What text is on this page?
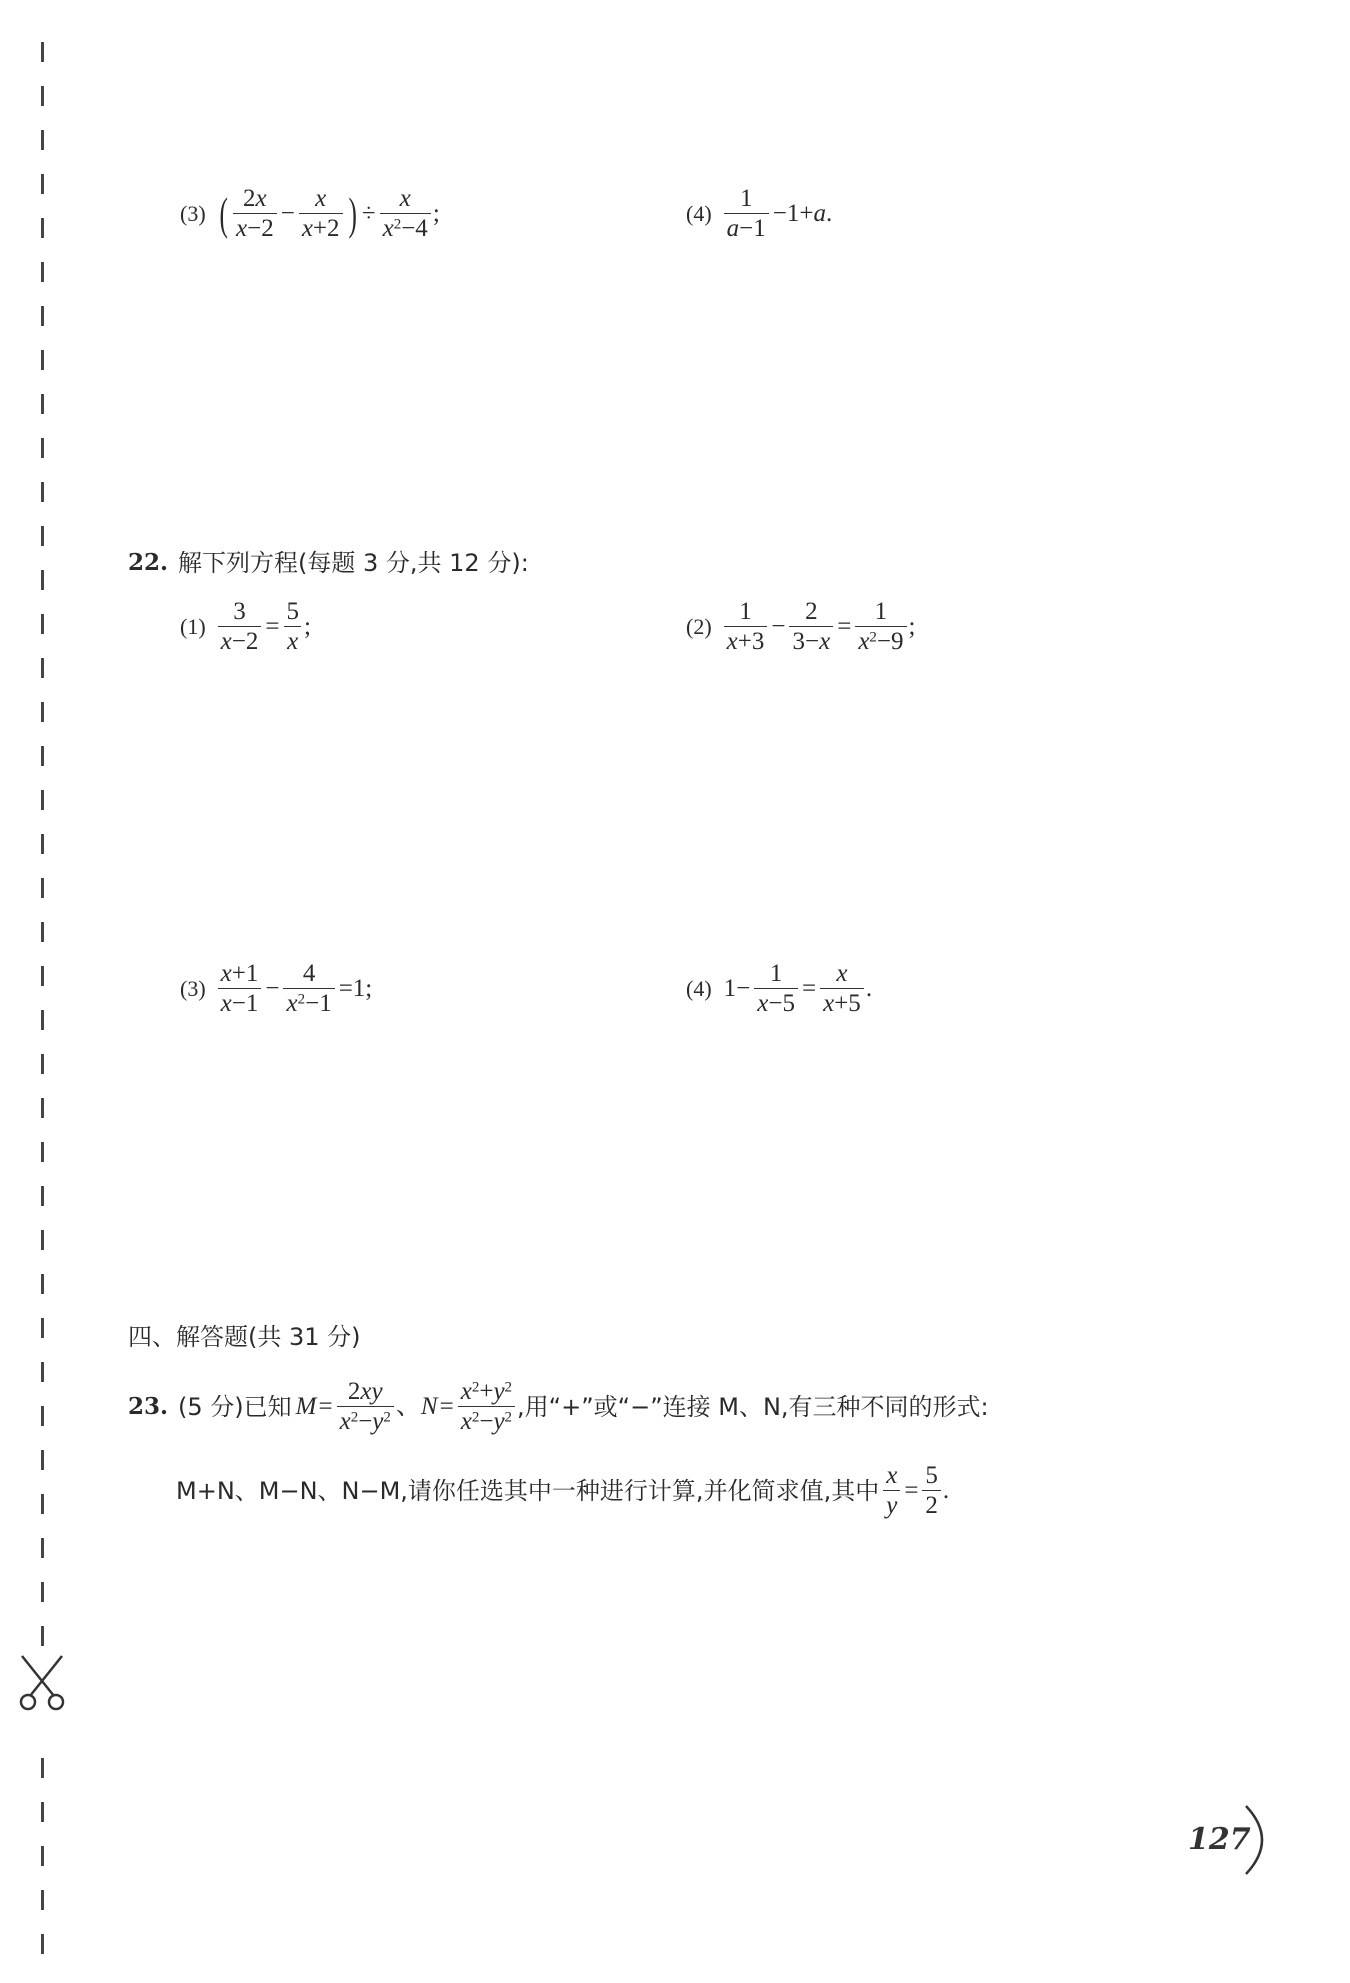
(3) ( $\frac{2x}{x-2} - \frac{x}{x+2}$ ) ÷ $\frac{x}{x^2-4}$ ;	$(4) \frac{1}{a-1} -1+a$.
22. 解下列方程(每题 3 分,共 12 分):
$(1) \frac{3}{x-2} = \frac{5}{x}$ ;	$(2) \frac{1}{x+3} - \frac{2}{3-x} = \frac{1}{x^2-9}$ ;
$(3) \frac{x+1}{x-1} - \frac{4}{x^2-1} =1$;	(4) $1- \frac{1}{x-5} = \frac{x}{x+5}$ .
四、解答题(共 31 分)
23. (5 分)已知 $M = \frac{2xy}{x^2-y^2}$ 、 $N = \frac{x^2+y^2}{x^2-y^2}$ ,用“+”或“−”连接 M、N,有三种不同的形式:
M+N、M−N、N−M,请你任选其中一种进行计算,并化简求值,其中 $\frac{x}{y} = \frac{5}{2}$ .
127
